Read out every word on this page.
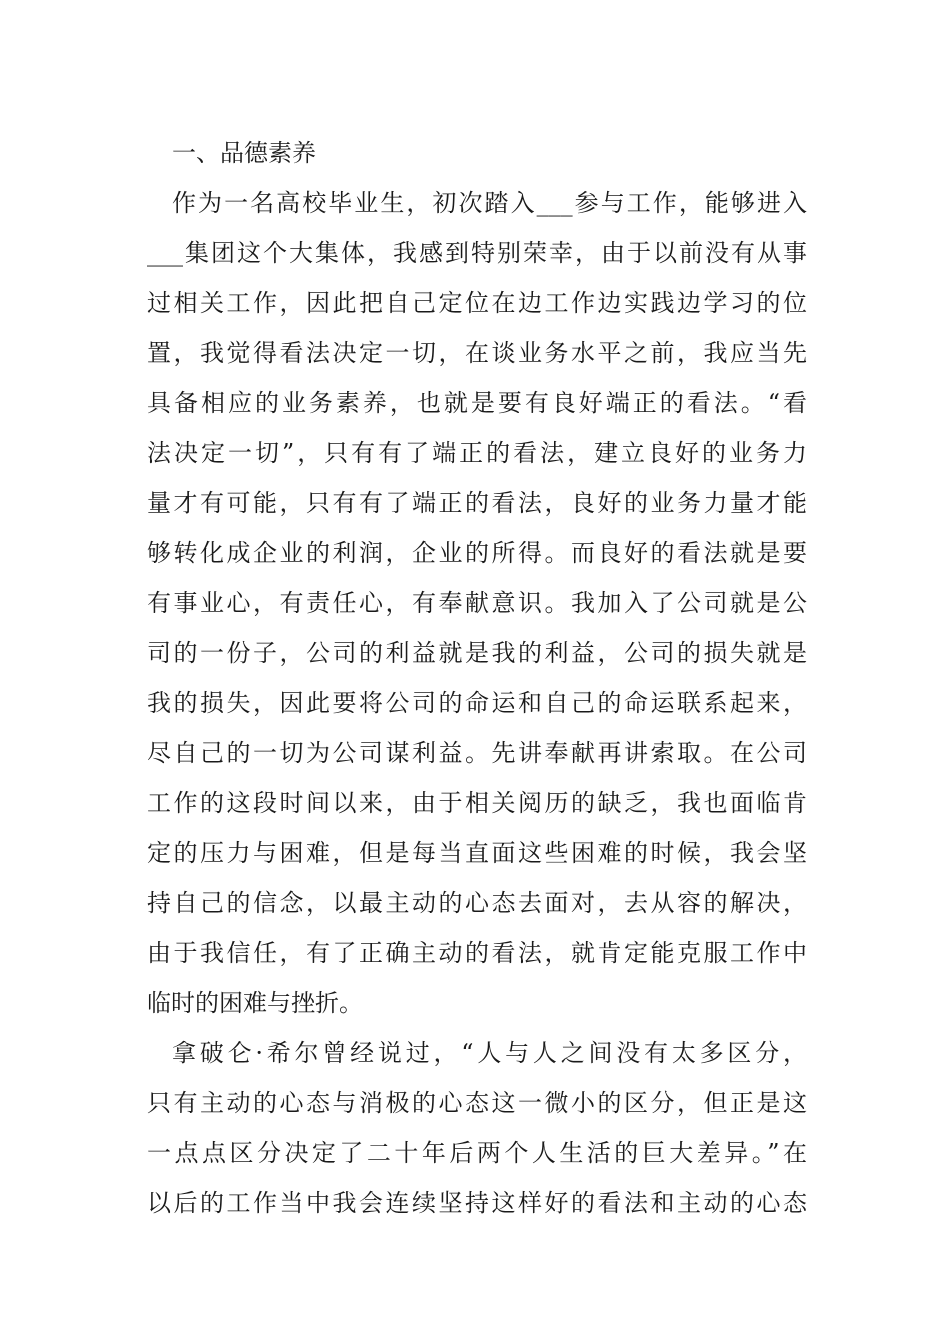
一、品德素养
作为一名高校毕业生，初次踏入___参与工作，能够进入
___集团这个大集体，我感到特别荣幸，由于以前没有从事
过相关工作，因此把自己定位在边工作边实践边学习的位
置，我觉得看法决定一切，在谈业务水平之前，我应当先
具备相应的业务素养，也就是要有良好端正的看法。“看
法决定一切”，只有有了端正的看法，建立良好的业务力
量才有可能，只有有了端正的看法，良好的业务力量才能
够转化成企业的利润，企业的所得。而良好的看法就是要
有事业心，有责任心，有奉献意识。我加入了公司就是公
司的一份子，公司的利益就是我的利益，公司的损失就是
我的损失，因此要将公司的命运和自己的命运联系起来，
尽自己的一切为公司谋利益。先讲奉献再讲索取。在公司
工作的这段时间以来，由于相关阅历的缺乏，我也面临肯
定的压力与困难，但是每当直面这些困难的时候，我会坚
持自己的信念，以最主动的心态去面对，去从容的解决，
由于我信任，有了正确主动的看法，就肯定能克服工作中
临时的困难与挫折。
拿破仑·希尔曾经说过，“人与人之间没有太多区分，
只有主动的心态与消极的心态这一微小的区分，但正是这
一点点区分决定了二十年后两个人生活的巨大差异。”在
以后的工作当中我会连续坚持这样好的看法和主动的心态
